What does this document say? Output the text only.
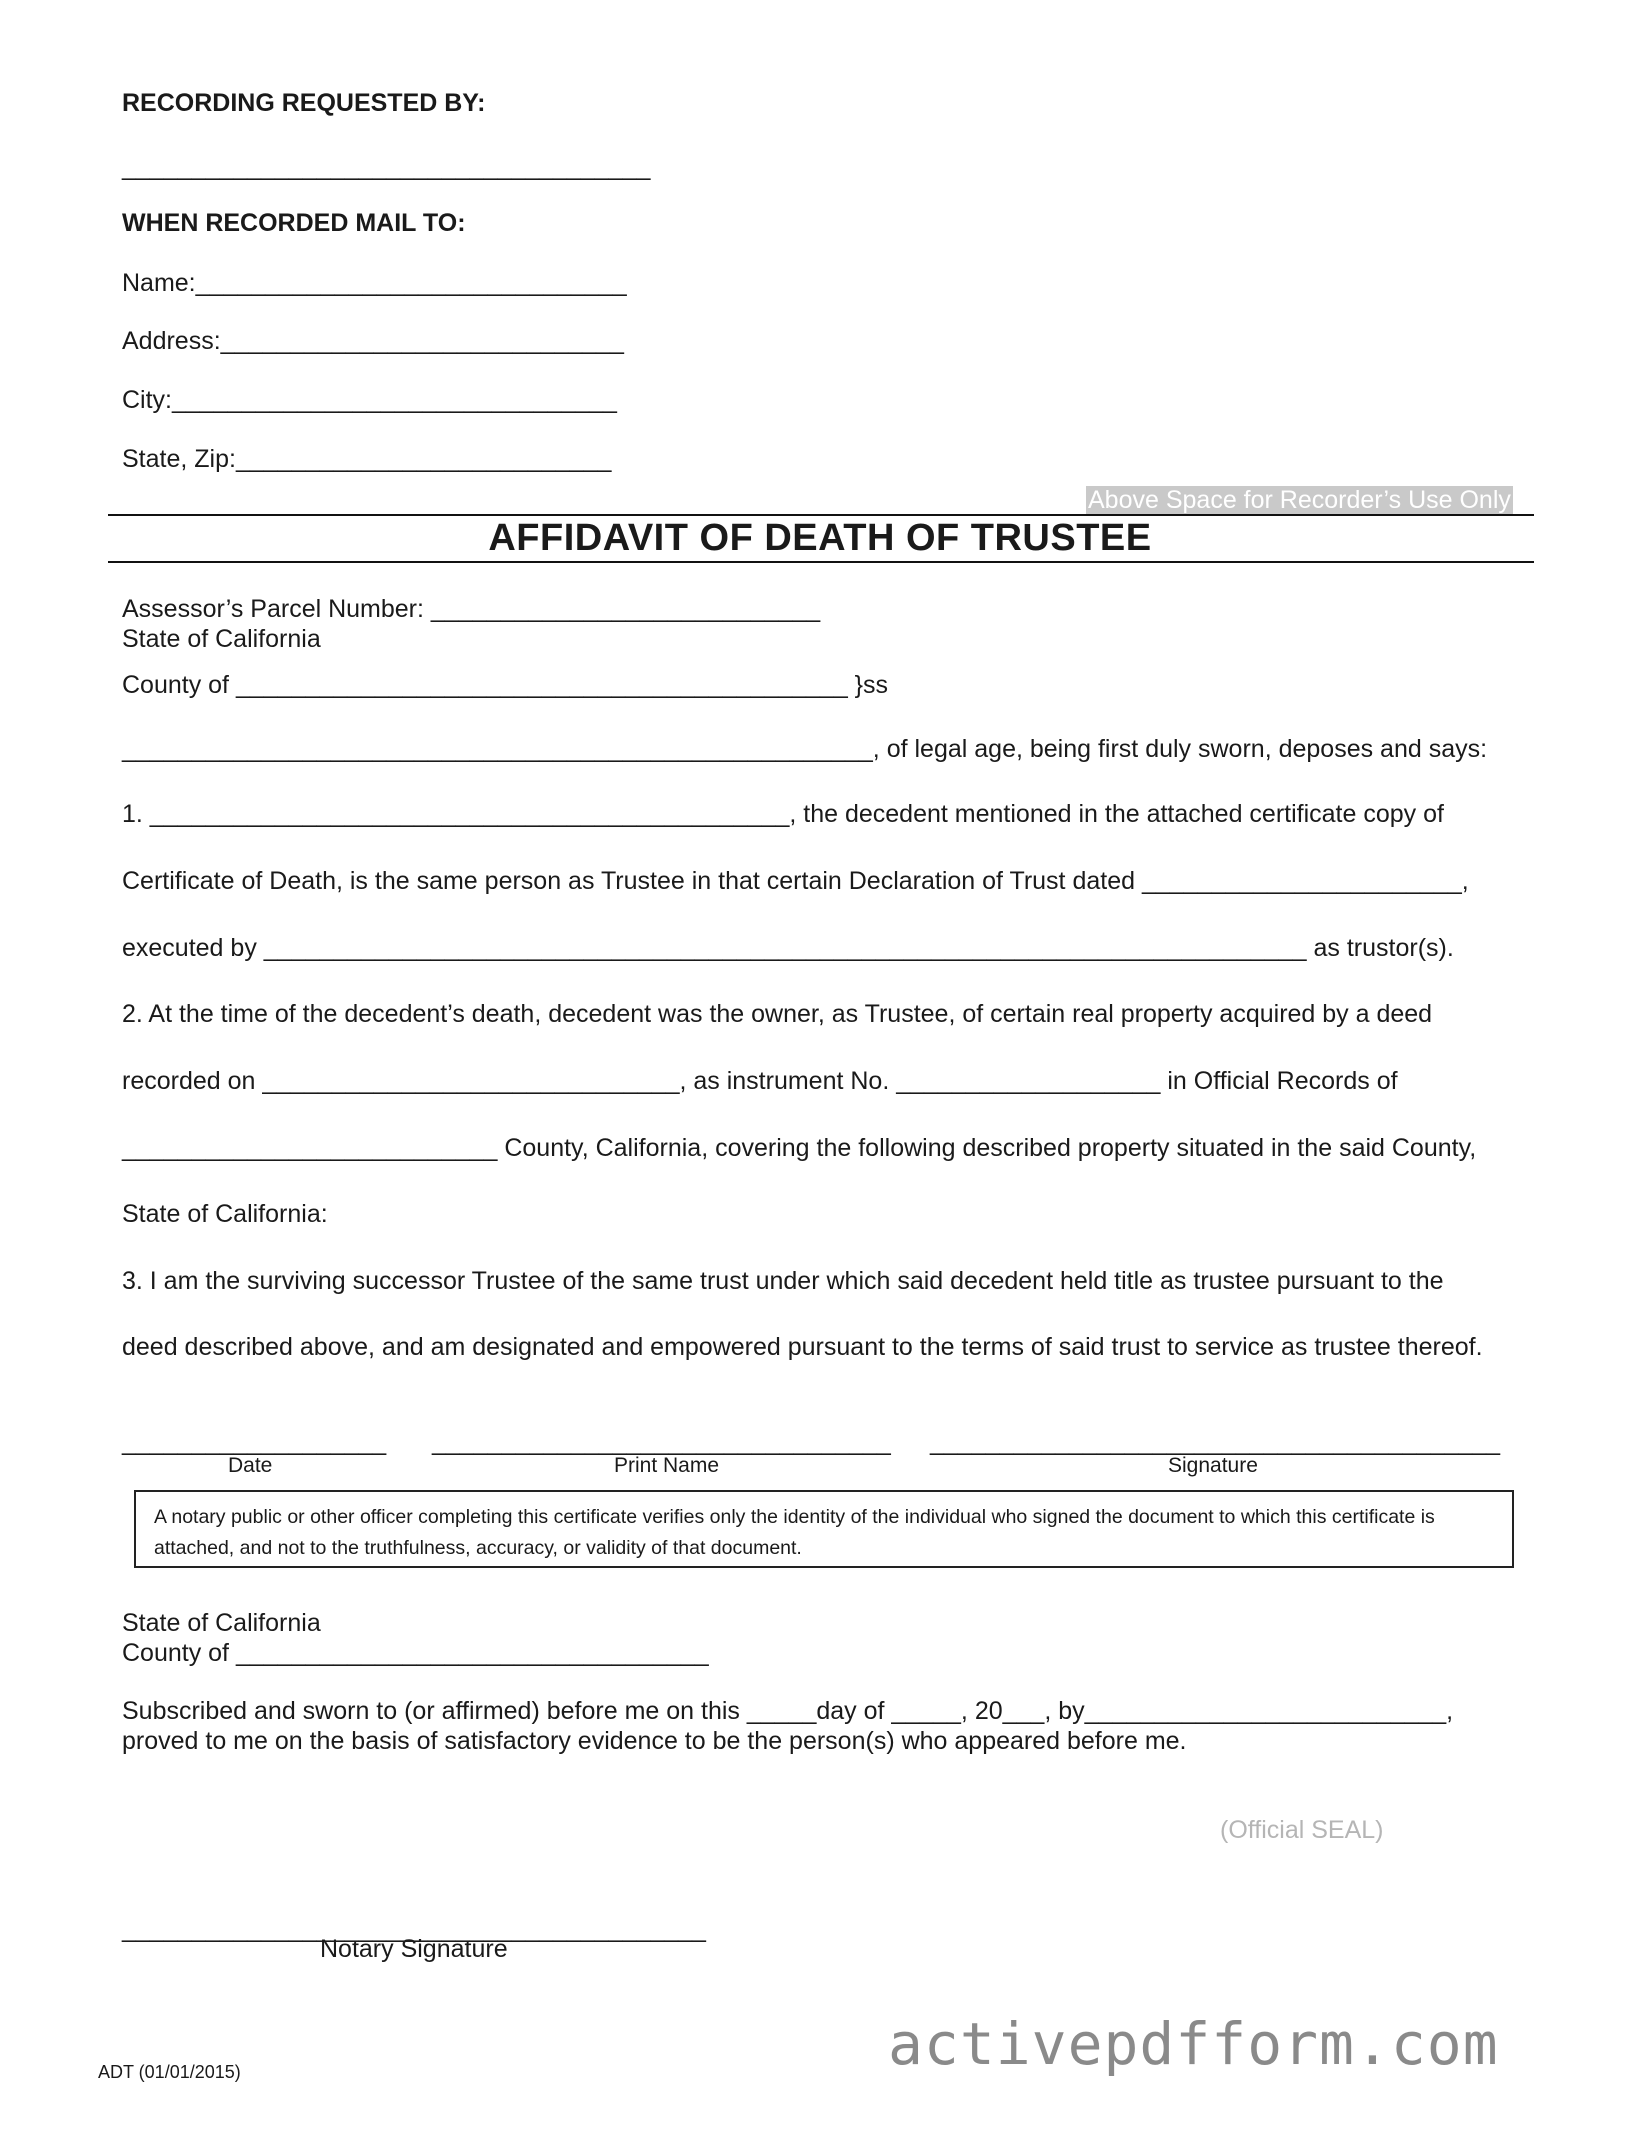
RECORDING REQUESTED BY:
______________________________________
WHEN RECORDED MAIL TO:
Name:_______________________________
Address:_____________________________
City:________________________________
State, Zip:___________________________
Above Space for Recorder’s Use Only
AFFIDAVIT OF DEATH OF TRUSTEE
Assessor’s Parcel Number: ____________________________
State of California
County of ____________________________________________ }ss
______________________________________________________, of legal age, being first duly sworn, deposes and says:
1. ______________________________________________, the decedent mentioned in the attached certificate copy of
Certificate of Death, is the same person as Trustee in that certain Declaration of Trust dated _______________________,
executed by ___________________________________________________________________________ as trustor(s).
2. At the time of the decedent’s death, decedent was the owner, as Trustee, of certain real property acquired by a deed
recorded on ______________________________, as instrument No. ___________________ in Official Records of
___________________________ County, California, covering the following described property situated in the said County,
State of California:
3. I am the surviving successor Trustee of the same trust under which said decedent held title as trustee pursuant to the
deed described above, and am designated and empowered pursuant to the terms of said trust to service as trustee thereof.
___________________ _________________________________ _________________________________________
Date	Print Name	Signature
A notary public or other officer completing this certificate verifies only the identity of the individual who signed the document to which this certificate is attached, and not to the truthfulness, accuracy, or validity of that document.
State of California
County of __________________________________
Subscribed and sworn to (or affirmed) before me on this _____day of _____, 20___, by__________________________,
proved to me on the basis of satisfactory evidence to be the person(s) who appeared before me.
(Official SEAL)
__________________________________________
Notary Signature
ADT (01/01/2015)	activepdfform.com
